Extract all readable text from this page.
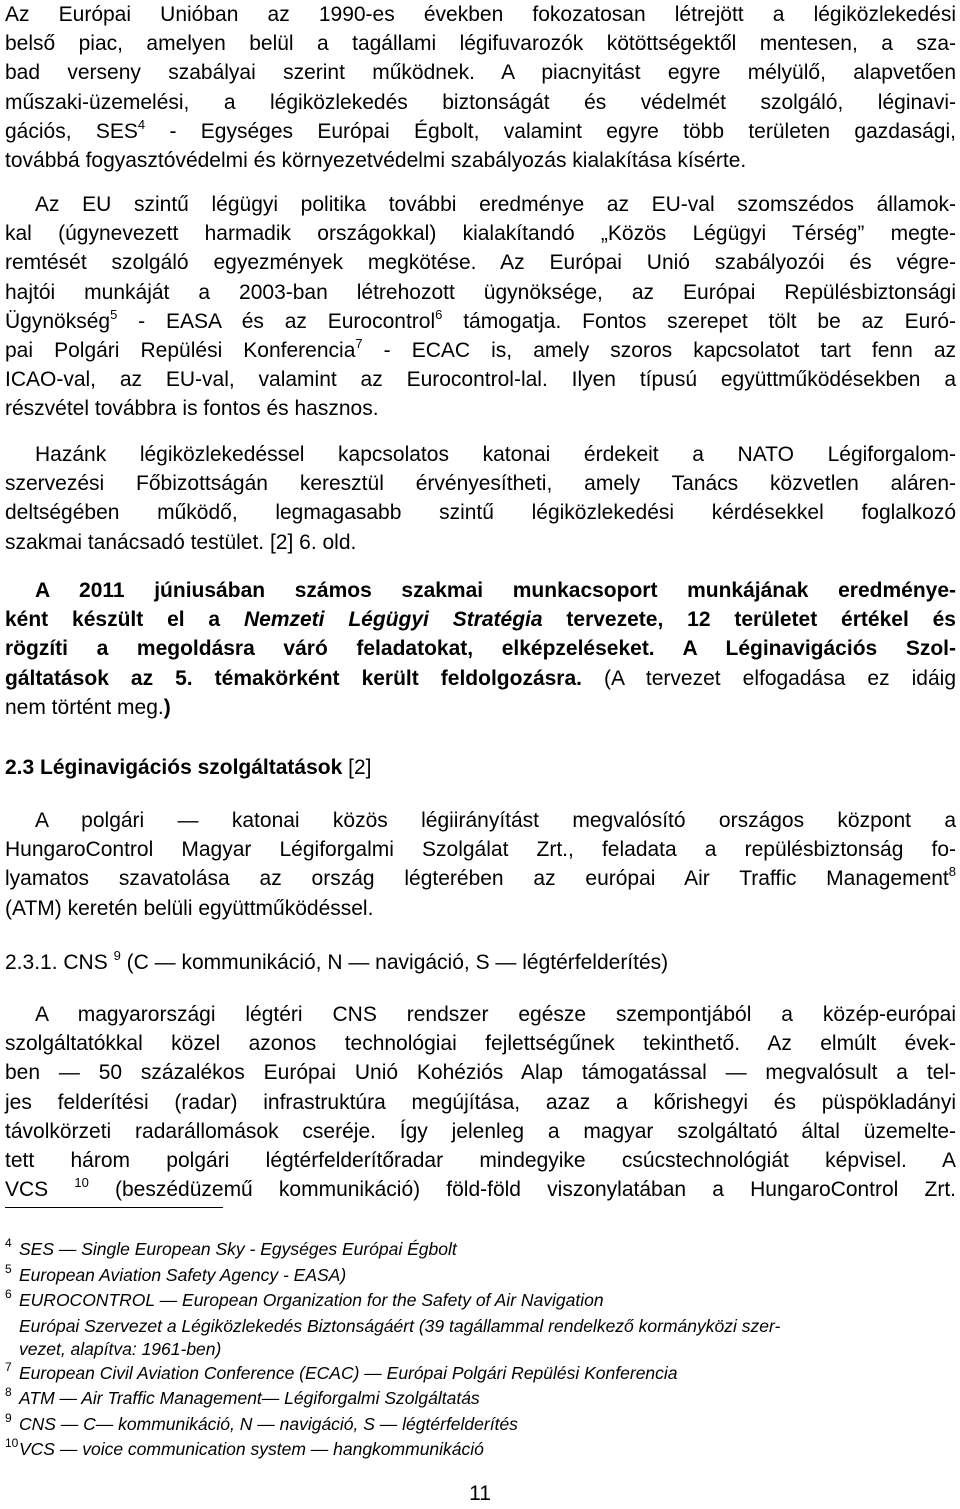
Az Európai Unióban az 1990-es években fokozatosan létrejött a légiközlekedési
belső piac, amelyen belül a tagállami légifuvarozók kötöttségektől mentesen, a sza-
bad verseny szabályai szerint működnek. A piacnyitást egyre mélyülő, alapvetően
műszaki-üzemelési, a légiközlekedés biztonságát és védelmét szolgáló, léginavi-
gációs, SES$^4$ - Egységes Európai Égbolt, valamint egyre több területen gazdasági,
továbbá fogyasztóvédelmi és környezetvédelmi szabályozás kialakítása kísérte.
Az EU szintű légügyi politika további eredménye az EU-val szomszédos államok-
kal (úgynevezett harmadik országokkal) kialakítandó „Közös Légügyi Térség” megte-
remtését szolgáló egyezmények megkötése. Az Európai Unió szabályozói és végre-
hajtói munkáját a 2003-ban létrehozott ügynöksége, az Európai Repülésbiztonsági
Ügynökség$^5$ - EASA és az Eurocontrol$^6$ támogatja. Fontos szerepet tölt be az Euró-
pai Polgári Repülési Konferencia$^7$ - ECAC is, amely szoros kapcsolatot tart fenn az
ICAO-val, az EU-val, valamint az Eurocontrol-lal. Ilyen típusú együttműködésekben a
részvétel továbbra is fontos és hasznos.
Hazánk légiközlekedéssel kapcsolatos katonai érdekeit a NATO Légiforgalom-
szervezési Főbizottságán keresztül érvényesítheti, amely Tanács közvetlen aláren-
deltségében működő, legmagasabb szintű légiközlekedési kérdésekkel foglalkozó
szakmai tanácsadó testület. [2] 6. old.
A 2011 júniusában számos szakmai munkacsoport munkájának eredménye-
ként készült el a Nemzeti Légügyi Stratégia tervezete, 12 területet értékel és
rögzíti a megoldásra váró feladatokat, elképzeléseket. A Léginavigációs Szol-
gáltatások az 5. témakörként került feldolgozásra. (A tervezet elfogadása ez idáig
nem történt meg.)
2.3 Léginavigációs szolgáltatások [2]
A polgári — katonai közös légiirányítást megvalósító országos központ a
HungaroControl Magyar Légiforgalmi Szolgálat Zrt., feladata a repülésbiztonság fo-
lyamatos szavatolása az ország légterében az európai Air Traffic Management$^8$
(ATM) keretén belüli együttműködéssel.
2.3.1. CNS $^9$ (C — kommunikáció, N — navigáció, S — légtérfelderítés)
A magyarországi légtéri CNS rendszer egésze szempontjából a közép-európai
szolgáltatókkal közel azonos technológiai fejlettségűnek tekinthető. Az elmúlt évek-
ben — 50 százalékos Európai Unió Kohéziós Alap támogatással — megvalósult a tel-
jes felderítési (radar) infrastruktúra megújítása, azaz a kőrishegyi és püspökladányi
távolkörzeti radarállomások cseréje. Így jelenleg a magyar szolgáltató által üzemelte-
tett három polgári légtérfelderítőradar mindegyike csúcstechnológiát képvisel. A
VCS $^{10}$ (beszédüzemű kommunikáció) föld-föld viszonylatában a HungaroControl Zrt.
4 SES — Single European Sky - Egységes Európai Égbolt
5 European Aviation Safety Agency - EASA)
6 EUROCONTROL — European Organization for the Safety of Air Navigation
Európai Szervezet a Légiközlekedés Biztonságáért (39 tagállammal rendelkező kormányközi szer-
vezet, alapítva: 1961-ben)
7 European Civil Aviation Conference (ECAC) — Európai Polgári Repülési Konferencia
8 ATM — Air Traffic Management— Légiforgalmi Szolgáltatás
9 CNS — C— kommunikáció, N — navigáció, S — légtérfelderítés
10VCS — voice communication system — hangkommunikáció
11
